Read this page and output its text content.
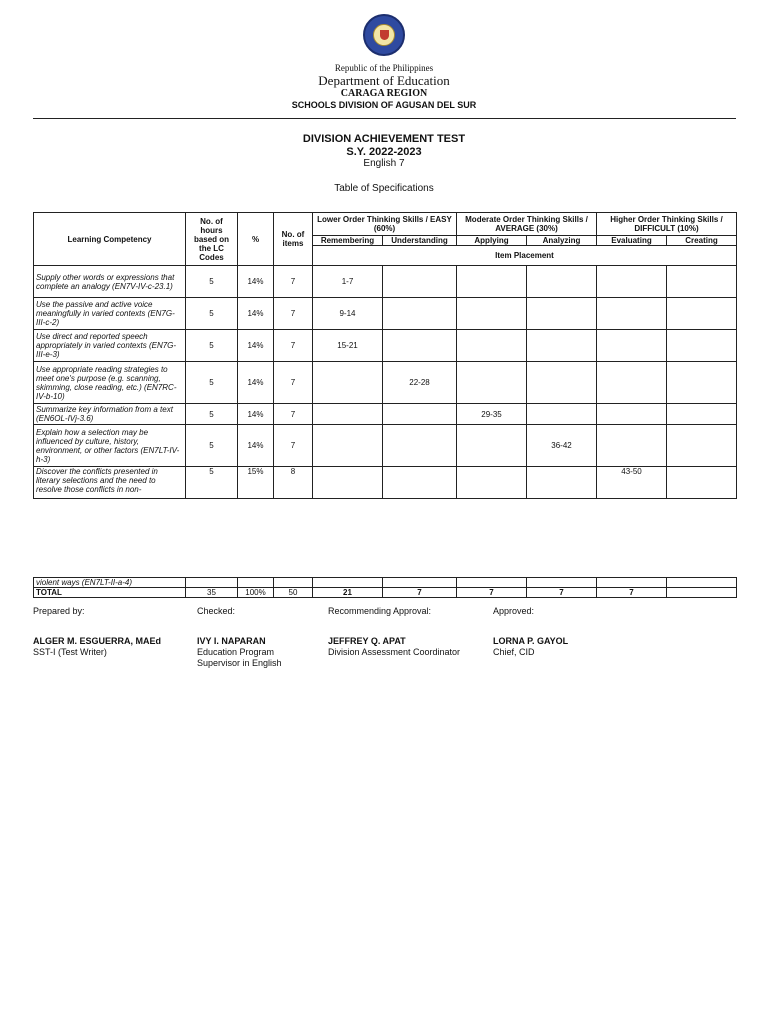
Republic of the Philippines
Department of Education
CARAGA REGION
SCHOOLS DIVISION OF AGUSAN DEL SUR
DIVISION ACHIEVEMENT TEST
S.Y. 2022-2023
English 7
Table of Specifications
Learning Competency	No. of hours based on the LC Codes	%	No. of items	Lower Order Thinking Skills / EASY (60%)		Moderate Order Thinking Skills / AVERAGE (30%)		Higher Order Thinking Skills / DIFFICULT (10%)	
				Remembering	Understanding	Applying	Analyzing	Evaluating	Creating
				Item Placement					
Supply other words or expressions that complete an analogy (EN7V-IV-c-23.1)	5	14%	7	1-7					
Use the passive and active voice meaningfully in varied contexts (EN7G-III-c-2)	5	14%	7	9-14					
Use direct and reported speech appropriately in varied contexts (EN7G-III-e-3)	5	14%	7	15-21					
Use appropriate reading strategies to meet one's purpose (e.g. scanning, skimming, close reading, etc.) (EN7RC-IV-b-10)	5	14%	7		22-28				
Summarize key information from a text (EN6OL-IVj-3.6)	5	14%	7			29-35			
Explain how a selection may be influenced by culture, history, environment, or other factors (EN7LT-IV-h-3)	5	14%	7				36-42		
Discover the conflicts presented in literary selections and the need to resolve those conflicts in non-	5	15%	8					43-50	
violent ways (EN7LT-II-a-4)									
TOTAL	35	100%	50	21	7	7	7	7	
Prepared by:
ALGER M. ESGUERRA, MAEd
SST-I (Test Writer)
Checked:
IVY I. NAPARAN
Education Program Supervisor in English
Recommending Approval:
JEFFREY Q. APAT
Division Assessment Coordinator
Approved:
LORNA P. GAYOL
Chief, CID
